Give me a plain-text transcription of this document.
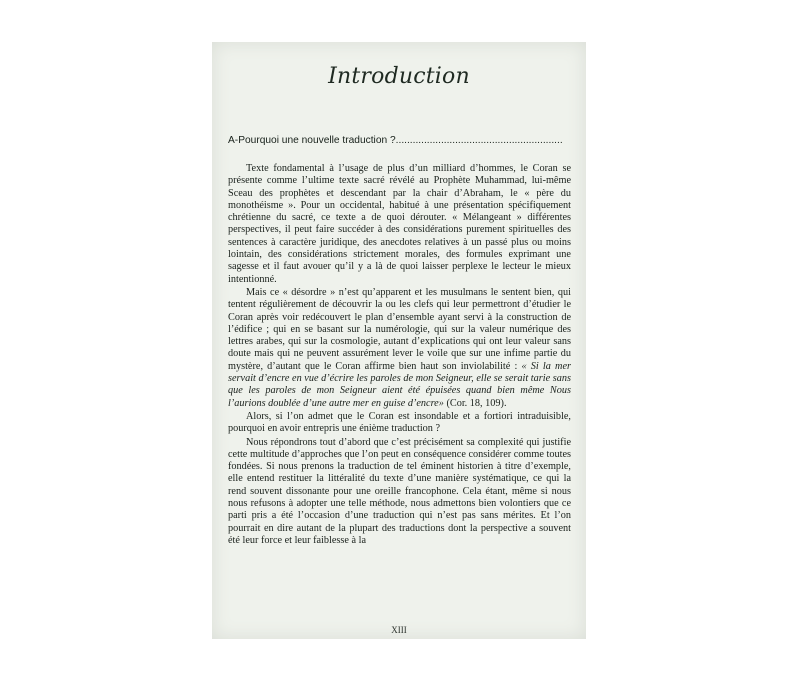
Introduction
A-Pourquoi une nouvelle traduction ?...........................................................

Texte fondamental à l’usage de plus d’un milliard d’hommes, le Coran se présente comme l’ultime texte sacré révélé au Prophète Muhammad, lui-même Sceau des prophètes et descendant par la chair d’Abraham, le « père du monothéisme ». Pour un occidental, habitué à une présentation spécifiquement chrétienne du sacré, ce texte a de quoi dérouter. « Mélangeant » différentes perspectives, il peut faire succéder à des considérations purement spirituelles des sentences à caractère juridique, des anecdotes relatives à un passé plus ou moins lointain, des considérations strictement morales, des formules exprimant une sagesse et il faut avouer qu’il y a là de quoi laisser perplexe le lecteur le mieux intentionné.

Mais ce « désordre » n’est qu’apparent et les musulmans le sentent bien, qui tentent régulièrement de découvrir la ou les clefs qui leur permettront d’étudier le Coran après voir redécouvert le plan d’ensemble ayant servi à la construction de l’édifice ; qui en se basant sur la numérologie, qui sur la valeur numérique des lettres arabes, qui sur la cosmologie, autant d’explications qui ont leur valeur sans doute mais qui ne peuvent assurément lever le voile que sur une infime partie du mystère, d’autant que le Coran affirme bien haut son inviolabilité : « Si la mer servait d’encre en vue d’écrire les paroles de mon Seigneur, elle se serait tarie sans que les paroles de mon Seigneur aient été épuisées quand bien même Nous l’aurions doublée d’une autre mer en guise d’encre» (Cor. 18, 109).

Alors, si l’on admet que le Coran est insondable et a fortiori intraduisible, pourquoi en avoir entrepris une énième traduction ?

Nous répondrons tout d’abord que c’est précisément sa complexité qui justifie cette multitude d’approches que l’on peut en conséquence considérer comme toutes fondées. Si nous prenons la traduction de tel éminent historien à titre d’exemple, elle entend restituer la littéralité du texte d’une manière systématique, ce qui la rend souvent dissonante pour une oreille francophone. Cela étant, même si nous nous refusons à adopter une telle méthode, nous admettons bien volontiers que ce parti pris a été l’occasion d’une traduction qui n’est pas sans mérites. Et l’on pourrait en dire autant de la plupart des traductions dont la perspective a souvent été leur force et leur faiblesse à la

XIII
